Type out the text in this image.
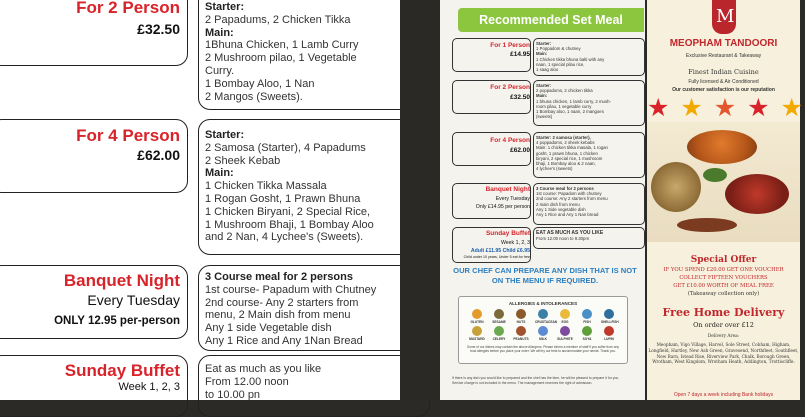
For 2 Person
£32.50
Starter:
2 Papadums, 2 Chicken Tikka
Main:
1Bhuna Chicken, 1 Lamb Curry
2 Mushroom pilao, 1 Vegetable
Curry.
1 Bombay Aloo, 1 Nan
2 Mangos (Sweets).
For 4 Person
£62.00
Starter:
2 Samosa (Starter), 4 Papadums
2 Sheek Kebab
Main:
1 Chicken Tikka Massala
1 Rogan Gosht, 1 Prawn Bhuna
1 Chicken Biryani, 2 Special Rice,
1 Mushroom Bhaji, 1 Bombay Aloo
and 2 Nan, 4 Lychee's (Sweets).
Banquet Night
Every Tuesday
ONLY 12.95 per-person
3 Course meal for 2 persons
1st course- Papadum with Chutney
2nd course- Any 2 starters from
menu, 2 Main dish from menu
Any 1 side Vegetable dish
Any 1 Rice and Any 1Nan Bread
Sunday Buffet
Week 1, 2, 3
Eat as much as you like
From 12.00 noon
to 10.00 pn
Recommended Set Meal
For 1 Person
£14.95
Starter:
1 Poppadom & chutney
Main:
1 Chicken tikka bhuna balti with any
naan, 1 special pilau rice,
1 saag aloo
For 2 Person
£32.50
Starter:
2 poppadoms, 2 chicken tikka
Main:
1 bhuna chicken, 1 lamb curry, 2 mush-
room pilau, 1 vegetable curry
1 Bombay aloo, 1 naan, 2 mangoes
(sweets)
For 4 Person
£62.00
Starter: 2 samosa (starter),
4 poppadoms, 2 sheek kebabs
Main: 1 chicken tikka masala, 1 rogan
gosht, 1 prawn bhuna, 1 chicken
biryani, 2 special rice, 1 mushroom
bhaji, 1 Bombay aloo & 2 naan,
4 lychee's (sweets)
Banquet Night
Every Tuesday
Only £14.95 per person
3 Course meal for 2 persons
1st course: Papadom with chutney
2nd course: Any 2 starters from menu
2 main dish from menu
Any 1 Side vegetable dish
Any 1 Rice and Any 1 Nan bread
Sunday Buffet
Week 1, 2, 3
Adult £11.95 Child £6.95
Child under 10 years, Under 5 eat for free
EAT AS MUCH AS YOU LIKE
From 12.00 noon to 9.30pm
OUR CHEF CAN PREPARE ANY DISH THAT IS NOT ON THE MENU IF REQUIRED.
ALLERGIES & INTOLERANCES
GLUTEN	SESAME	NUTS	CRUSTACEAN	EGG	FISH	SHELLFISH
MUSTARD	CELERY	PEANUTS	MILK	SULPHITE	SOYA	LUPIN
Some of our dishes may contain the above Allergens. Please inform a member of staff if you suffer from any food allergies before you place your order. We will try our best to accommodate your needs. Thank you.
If there is any dish you would like to prepared and the chef has the time, he will be pleased to prepare it for you.
Service charge is not included in the menu. The management reserves the right of admission.
M
MEOPHAM TANDOORI
Exclusive Restaurant & Takeaway
Finest Indian Cuisine
Fully licensed & Air Conditioned
Our customer satisfaction is our reputation
★ ★ ★ ★ ★
Special Offer
IF YOU SPEND £20.00 GET ONE VOUCHER
COLLECT FIFTEEN VOUCHERS
GET £10.00 WORTH OF MEAL FREE
(Takeaway collection only)
Free Home Delivery
On order over £12
Delivery Area:
Meopham, Vigo Village, Harvel, Sole Street, Cobham, Higham, Longfield, Hartley, New Ash Green, Gravesend, Northfleet, Southfleet, New Barn, Istead Rise, Riverview Park, Chalk, Borough Green, Wrotham, West Kingdom, Wrotham Heath, Addington, Trottiscliffe.
Open 7 days a week including Bank holidays
